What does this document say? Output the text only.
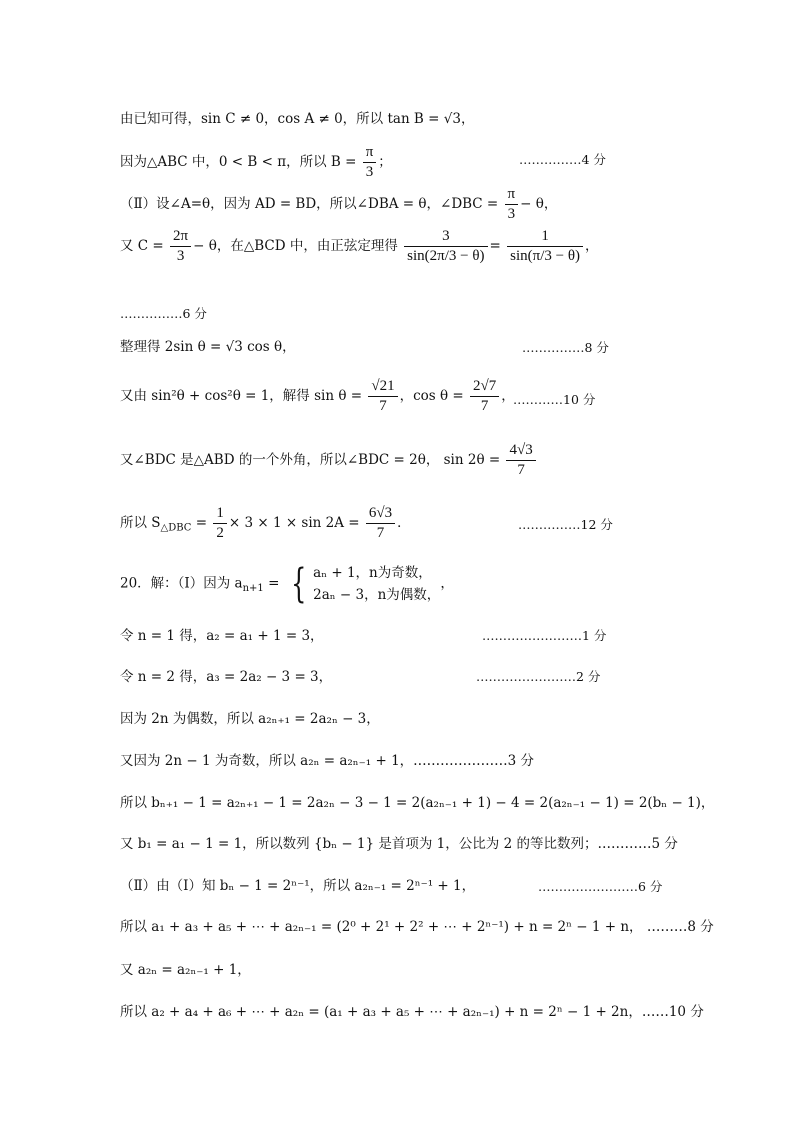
由已知可得，sin C ≠ 0，cos A ≠ 0，所以 tan B = √3，
因为△ABC 中，0 < B < π，所以 $B = \frac{\pi}{3}$ ；	……………4 分
（Ⅱ）设∠A=θ，因为 AD = BD，所以∠DBA = θ，∠DBC = $\frac{\pi}{3} - \theta$，
又 $C = \frac{2\pi}{3} - \theta$，在△BCD 中，由正弦定理得 $\frac{3}{\sin(2\pi/3 - \theta)} = \frac{1}{\sin(\pi/3 - \theta)}$ ，
……………6 分
整理得 2sin θ = √3 cos θ，	……………8 分
又由 sin²θ + cos²θ = 1，解得 $\sin \theta = \frac{√21}{7}$ ，$\cos \theta = \frac{2√7}{7}$ ，
…………10 分
又∠BDC 是△ABD 的一个外角，所以∠BDC = 2θ， $\sin 2\theta = \frac{4√3}{7}$
所以 $S_{\triangle DBC} = \frac{1}{2} \times 3 \times 1 \times \sin 2A = \frac{6√3}{7}$ ．	……………12 分
20．解：（Ⅰ）因为 $a_{n+1}$ = { aₙ + 1，n为奇数，
2aₙ − 3，n为偶数，
，
令 n = 1 得，a₂ = a₁ + 1 = 3，	……………………1 分
令 n = 2 得，a₃ = 2a₂ − 3 = 3，	……………………2 分
因为 2n 为偶数，所以 a₂ₙ₊₁ = 2a₂ₙ − 3，
又因为 2n − 1 为奇数，所以 a₂ₙ = a₂ₙ₋₁ + 1，…………………3 分
所以 bₙ₊₁ − 1 = a₂ₙ₊₁ − 1 = 2a₂ₙ − 3 − 1 = 2(a₂ₙ₋₁ + 1) − 4 = 2(a₂ₙ₋₁ − 1) = 2(bₙ − 1)，
又 b₁ = a₁ − 1 = 1，所以数列 {bₙ − 1} 是首项为 1，公比为 2 的等比数列；…………5 分
（Ⅱ）由（Ⅰ）知 bₙ − 1 = 2ⁿ⁻¹，所以 a₂ₙ₋₁ = 2ⁿ⁻¹ + 1，	……………………6 分
所以 a₁ + a₃ + a₅ + ⋯ + a₂ₙ₋₁ = (2⁰ + 2¹ + 2² + ⋯ + 2ⁿ⁻¹) + n = 2ⁿ − 1 + n， ………8 分
又 a₂ₙ = a₂ₙ₋₁ + 1，
所以 a₂ + a₄ + a₆ + ⋯ + a₂ₙ = (a₁ + a₃ + a₅ + ⋯ + a₂ₙ₋₁) + n = 2ⁿ − 1 + 2n，……10 分
